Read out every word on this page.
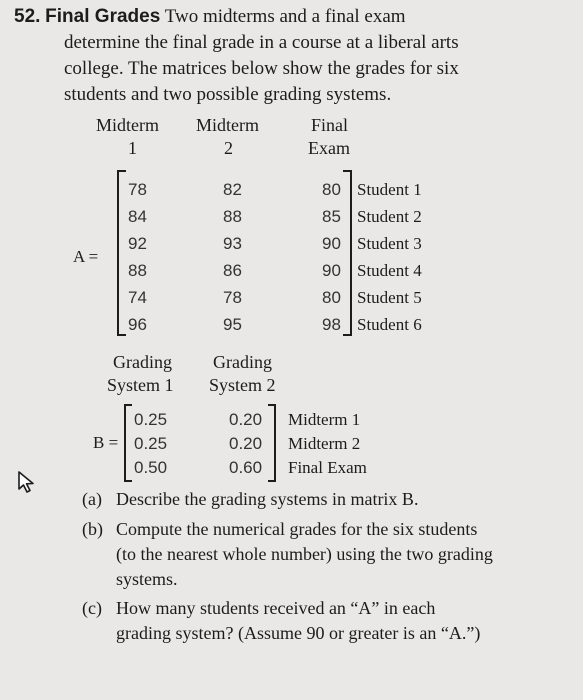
52. Final Grades Two midterms and a final exam
determine the final grade in a course at a liberal arts
college. The matrices below show the grades for six
students and two possible grading systems.
Midterm
1
Midterm
2
Final
Exam
A =
78	82	80 Student 1
84	88	85 Student 2
92	93	90 Student 3
88	86	90 Student 4
74	78	80 Student 5
96	95	98 Student 6
Grading
System 1
Grading
System 2
B =
0.25	0.20 Midterm 1
0.25	0.20 Midterm 2
0.50	0.60 Final Exam
(a) Describe the grading systems in matrix B.
(b) Compute the numerical grades for the six students
(to the nearest whole number) using the two grading
systems.
(c) How many students received an “A” in each
grading system? (Assume 90 or greater is an “A.”)
